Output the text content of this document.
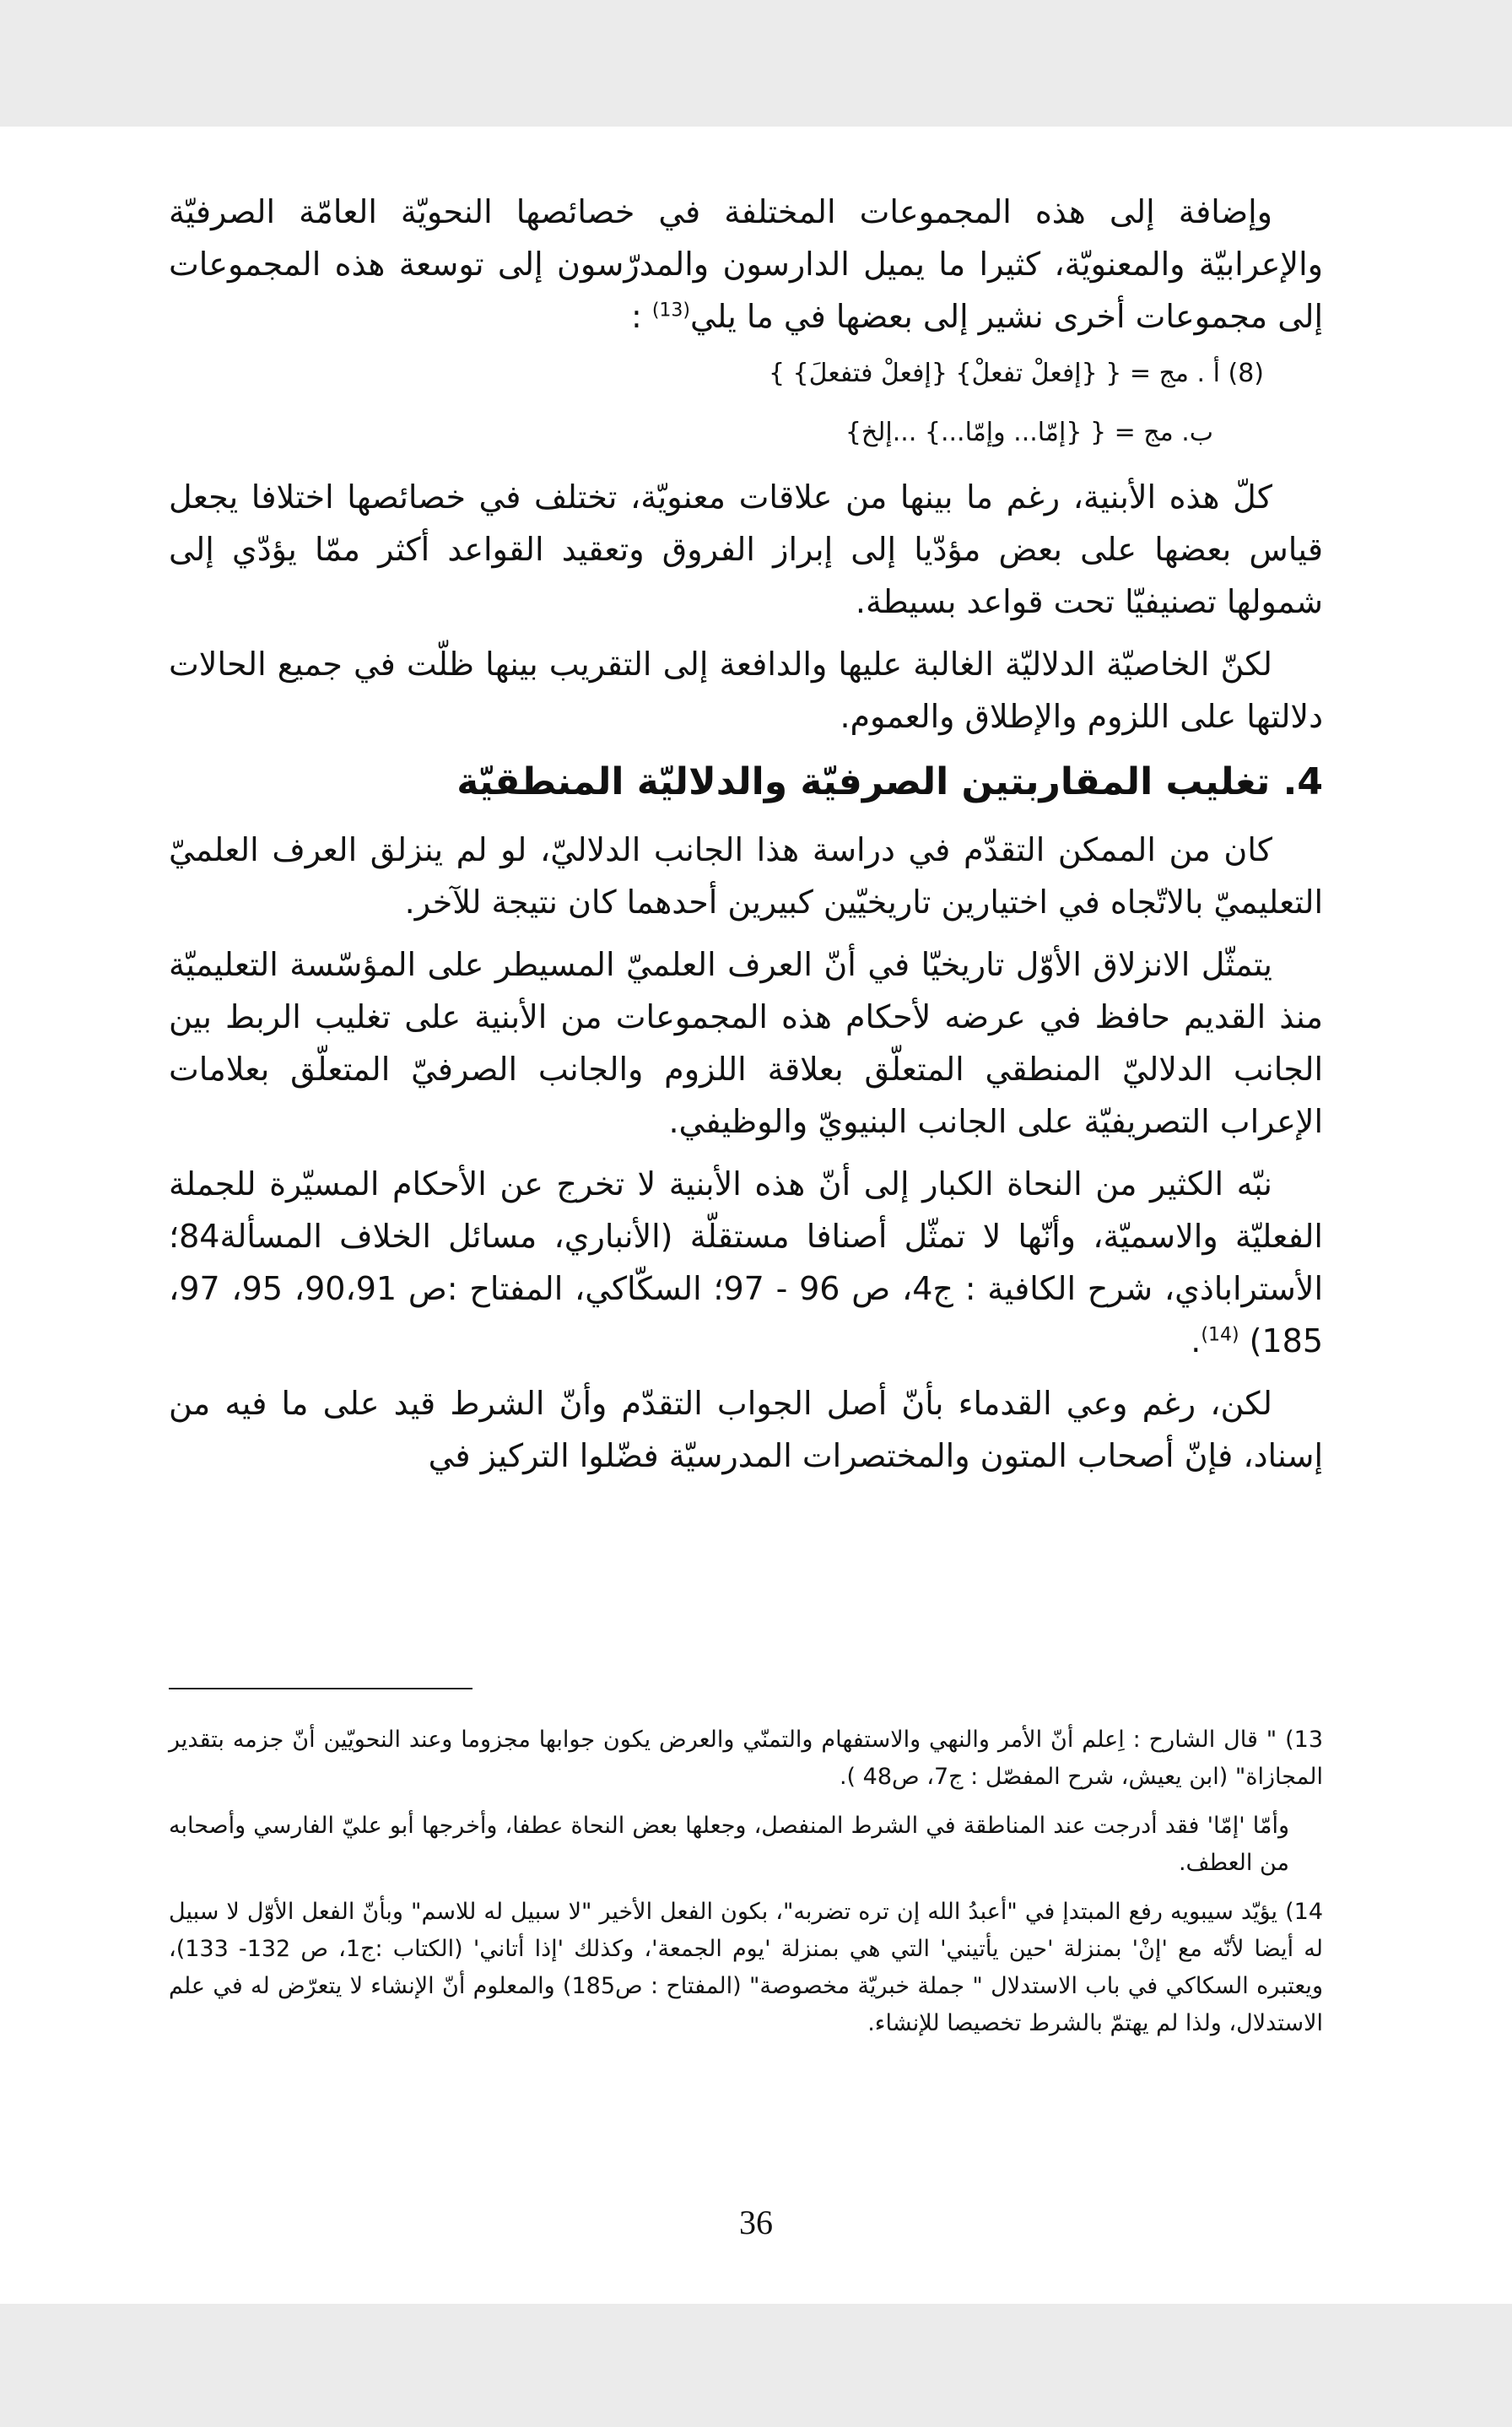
وإضافة إلى هذه المجموعات المختلفة في خصائصها النحويّة العامّة الصرفيّة والإعرابيّة والمعنويّة، كثيرا ما يميل الدارسون والمدرّسون إلى توسعة هذه المجموعات إلى مجموعات أخرى نشير إلى بعضها في ما يلي$^{(13)}$ :

(8) أ . مج = { {إفعلْ تفعلْ} {إفعلْ فتفعلَ} }

ب. مج = { {إمّا... وإمّا...} ...إلخ}

كلّ هذه الأبنية، رغم ما بينها من علاقات معنويّة، تختلف في خصائصها اختلافا يجعل قياس بعضها على بعض مؤدّيا إلى إبراز الفروق وتعقيد القواعد أكثر ممّا يؤدّي إلى شمولها تصنيفيّا تحت قواعد بسيطة.

لكنّ الخاصيّة الدلاليّة الغالبة عليها والدافعة إلى التقريب بينها ظلّت في جميع الحالات دلالتها على اللزوم والإطلاق والعموم.

4. تغليب المقاربتين الصرفيّة والدلاليّة المنطقيّة

كان من الممكن التقدّم في دراسة هذا الجانب الدلاليّ، لو لم ينزلق العرف العلميّ التعليميّ بالاتّجاه في اختيارين تاريخيّين كبيرين أحدهما كان نتيجة للآخر.

يتمثّل الانزلاق الأوّل تاريخيّا في أنّ العرف العلميّ المسيطر على المؤسّسة التعليميّة منذ القديم حافظ في عرضه لأحكام هذه المجموعات من الأبنية على تغليب الربط بين الجانب الدلاليّ المنطقي المتعلّق بعلاقة اللزوم والجانب الصرفيّ المتعلّق بعلامات الإعراب التصريفيّة على الجانب البنيويّ والوظيفي.

نبّه الكثير من النحاة الكبار إلى أنّ هذه الأبنية لا تخرج عن الأحكام المسيّرة للجملة الفعليّة والاسميّة، وأنّها لا تمثّل أصنافا مستقلّة (الأنباري، مسائل الخلاف المسألة84؛ الأستراباذي، شرح الكافية : ج4، ص 96 - 97؛ السكّاكي، المفتاح :ص 90،91، 95، 97، 185) $^{(14)}$.

لكن، رغم وعي القدماء بأنّ أصل الجواب التقدّم وأنّ الشرط قيد على ما فيه من إسناد، فإنّ أصحاب المتون والمختصرات المدرسيّة فضّلوا التركيز في

13) " قال الشارح : اِعلم أنّ الأمر والنهي والاستفهام والتمنّي والعرض يكون جوابها مجزوما وعند النحويّين أنّ جزمه بتقدير المجازاة" (ابن يعيش، شرح المفصّل : ج7، ص48 ).

وأمّا 'إمّا' فقد أدرجت عند المناطقة في الشرط المنفصل، وجعلها بعض النحاة عطفا، وأخرجها أبو عليّ الفارسي وأصحابه من العطف.

14) يؤيّد سيبويه رفع المبتدإ في "أعبدُ الله إن تره تضربه"، بكون الفعل الأخير "لا سبيل له للاسم" وبأنّ الفعل الأوّل لا سبيل له أيضا لأنّه مع 'إنْ' بمنزلة 'حين يأتيني' التي هي بمنزلة 'يوم الجمعة'، وكذلك 'إذا أتاني' (الكتاب :ج1، ص 132- 133)، ويعتبره السكاكي في باب الاستدلال " جملة خبريّة مخصوصة" (المفتاح : ص185) والمعلوم أنّ الإنشاء لا يتعرّض له في علم الاستدلال، ولذا لم يهتمّ بالشرط تخصيصا للإنشاء.

36
